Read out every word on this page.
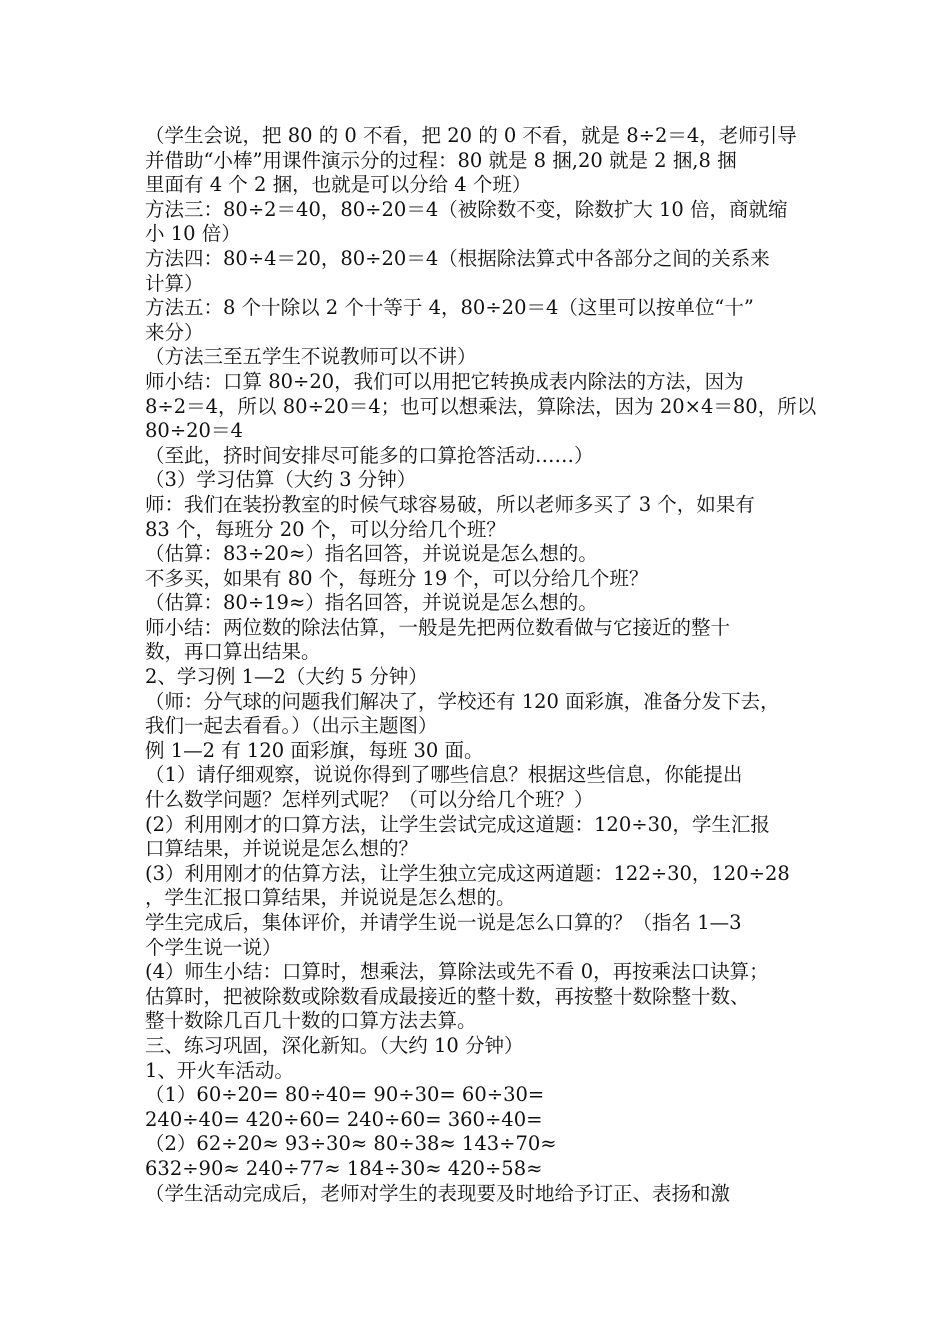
（学生会说，把 80 的 0 不看，把 20 的 0 不看，就是 8÷2＝4，老师引导

并借助“小棒”用课件演示分的过程：80 就是 8 捆,20 就是 2 捆,8 捆

里面有 4 个 2 捆，也就是可以分给 4 个班）

方法三：80÷2＝40，80÷20＝4（被除数不变，除数扩大 10 倍，商就缩

小 10 倍）

方法四：80÷4＝20，80÷20＝4（根据除法算式中各部分之间的关系来

计算）

方法五：8 个十除以 2 个十等于 4，80÷20＝4（这里可以按单位“十”

来分）

（方法三至五学生不说教师可以不讲）

师小结：口算 80÷20，我们可以用把它转换成表内除法的方法，因为

8÷2＝4，所以 80÷20＝4；也可以想乘法，算除法，因为 20×4＝80，所以

80÷20＝4

（至此，挤时间安排尽可能多的口算抢答活动……）

（3）学习估算（大约 3 分钟）

师：我们在装扮教室的时候气球容易破，所以老师多买了 3 个，如果有

83 个，每班分 20 个，可以分给几个班？

（估算：83÷20≈）指名回答，并说说是怎么想的。

不多买，如果有 80 个，每班分 19 个，可以分给几个班？

（估算：80÷19≈）指名回答，并说说是怎么想的。

师小结：两位数的除法估算，一般是先把两位数看做与它接近的整十

数，再口算出结果。

2、学习例 1—2（大约 5 分钟）

（师：分气球的问题我们解决了，学校还有 120 面彩旗，准备分发下去，

我们一起去看看。）（出示主题图）

例 1—2 有 120 面彩旗，每班 30 面。

（1）请仔细观察，说说你得到了哪些信息？根据这些信息，你能提出

什么数学问题？怎样列式呢？（可以分给几个班？）

(2）利用刚才的口算方法，让学生尝试完成这道题：120÷30，学生汇报

口算结果，并说说是怎么想的？

(3）利用刚才的估算方法，让学生独立完成这两道题：122÷30，120÷28

，学生汇报口算结果，并说说是怎么想的。

学生完成后，集体评价，并请学生说一说是怎么口算的？（指名 1—3

个学生说一说）

(4）师生小结：口算时，想乘法，算除法或先不看 0，再按乘法口诀算；

估算时，把被除数或除数看成最接近的整十数，再按整十数除整十数、

整十数除几百几十数的口算方法去算。

三、练习巩固，深化新知。（大约 10 分钟）

1、开火车活动。

（1）60÷20= 80÷40= 90÷30= 60÷30=
240÷40= 420÷60= 240÷60= 360÷40=
（2）62÷20≈ 93÷30≈ 80÷38≈ 143÷70≈
632÷90≈ 240÷77≈ 184÷30≈ 420÷58≈

（学生活动完成后，老师对学生的表现要及时地给予订正、表扬和激
